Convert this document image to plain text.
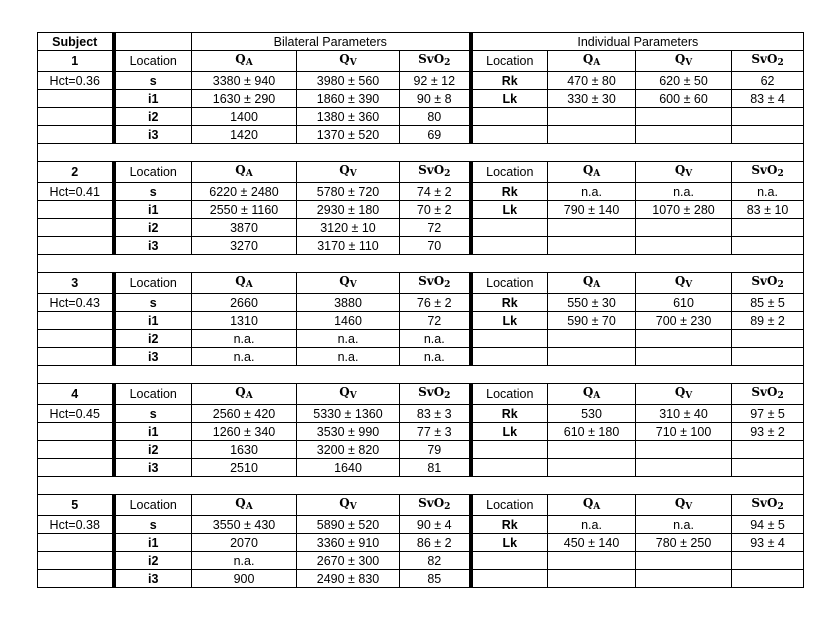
Subject		Bilateral Parameters			Individual Parameters			
1	Location	$Q_A$	$Q_V$	SvO$_2$	Location	$Q_A$	$Q_V$	SvO$_2$
Hct=0.36	s	3380 ± 940	3980 ± 560	92 ± 12	Rk	470 ± 80	620 ± 50	62
	i1	1630 ± 290	1860 ± 390	90 ± 8	Lk	330 ± 30	600 ± 60	83 ± 4
	i2	1400	1380 ± 360	80				
	i3	1420	1370 ± 520	69				

2	Location	$Q_A$	$Q_V$	SvO$_2$	Location	$Q_A$	$Q_V$	SvO$_2$
Hct=0.41	s	6220 ± 2480	5780 ± 720	74 ± 2	Rk	n.a.	n.a.	n.a.
	i1	2550 ± 1160	2930 ± 180	70 ± 2	Lk	790 ± 140	1070 ± 280	83 ± 10
	i2	3870	3120 ± 10	72				
	i3	3270	3170 ± 110	70				

3	Location	$Q_A$	$Q_V$	SvO$_2$	Location	$Q_A$	$Q_V$	SvO$_2$
Hct=0.43	s	2660	3880	76 ± 2	Rk	550 ± 30	610	85 ± 5
	i1	1310	1460	72	Lk	590 ± 70	700 ± 230	89 ± 2
	i2	n.a.	n.a.	n.a.				
	i3	n.a.	n.a.	n.a.				

4	Location	$Q_A$	$Q_V$	SvO$_2$	Location	$Q_A$	$Q_V$	SvO$_2$
Hct=0.45	s	2560 ± 420	5330 ± 1360	83 ± 3	Rk	530	310 ± 40	97 ± 5
	i1	1260 ± 340	3530 ± 990	77 ± 3	Lk	610 ± 180	710 ± 100	93 ± 2
	i2	1630	3200 ± 820	79				
	i3	2510	1640	81				

5	Location	$Q_A$	$Q_V$	SvO$_2$	Location	$Q_A$	$Q_V$	SvO$_2$
Hct=0.38	s	3550 ± 430	5890 ± 520	90 ± 4	Rk	n.a.	n.a.	94 ± 5
	i1	2070	3360 ± 910	86 ± 2	Lk	450 ± 140	780 ± 250	93 ± 4
	i2	n.a.	2670 ± 300	82				
	i3	900	2490 ± 830	85				
